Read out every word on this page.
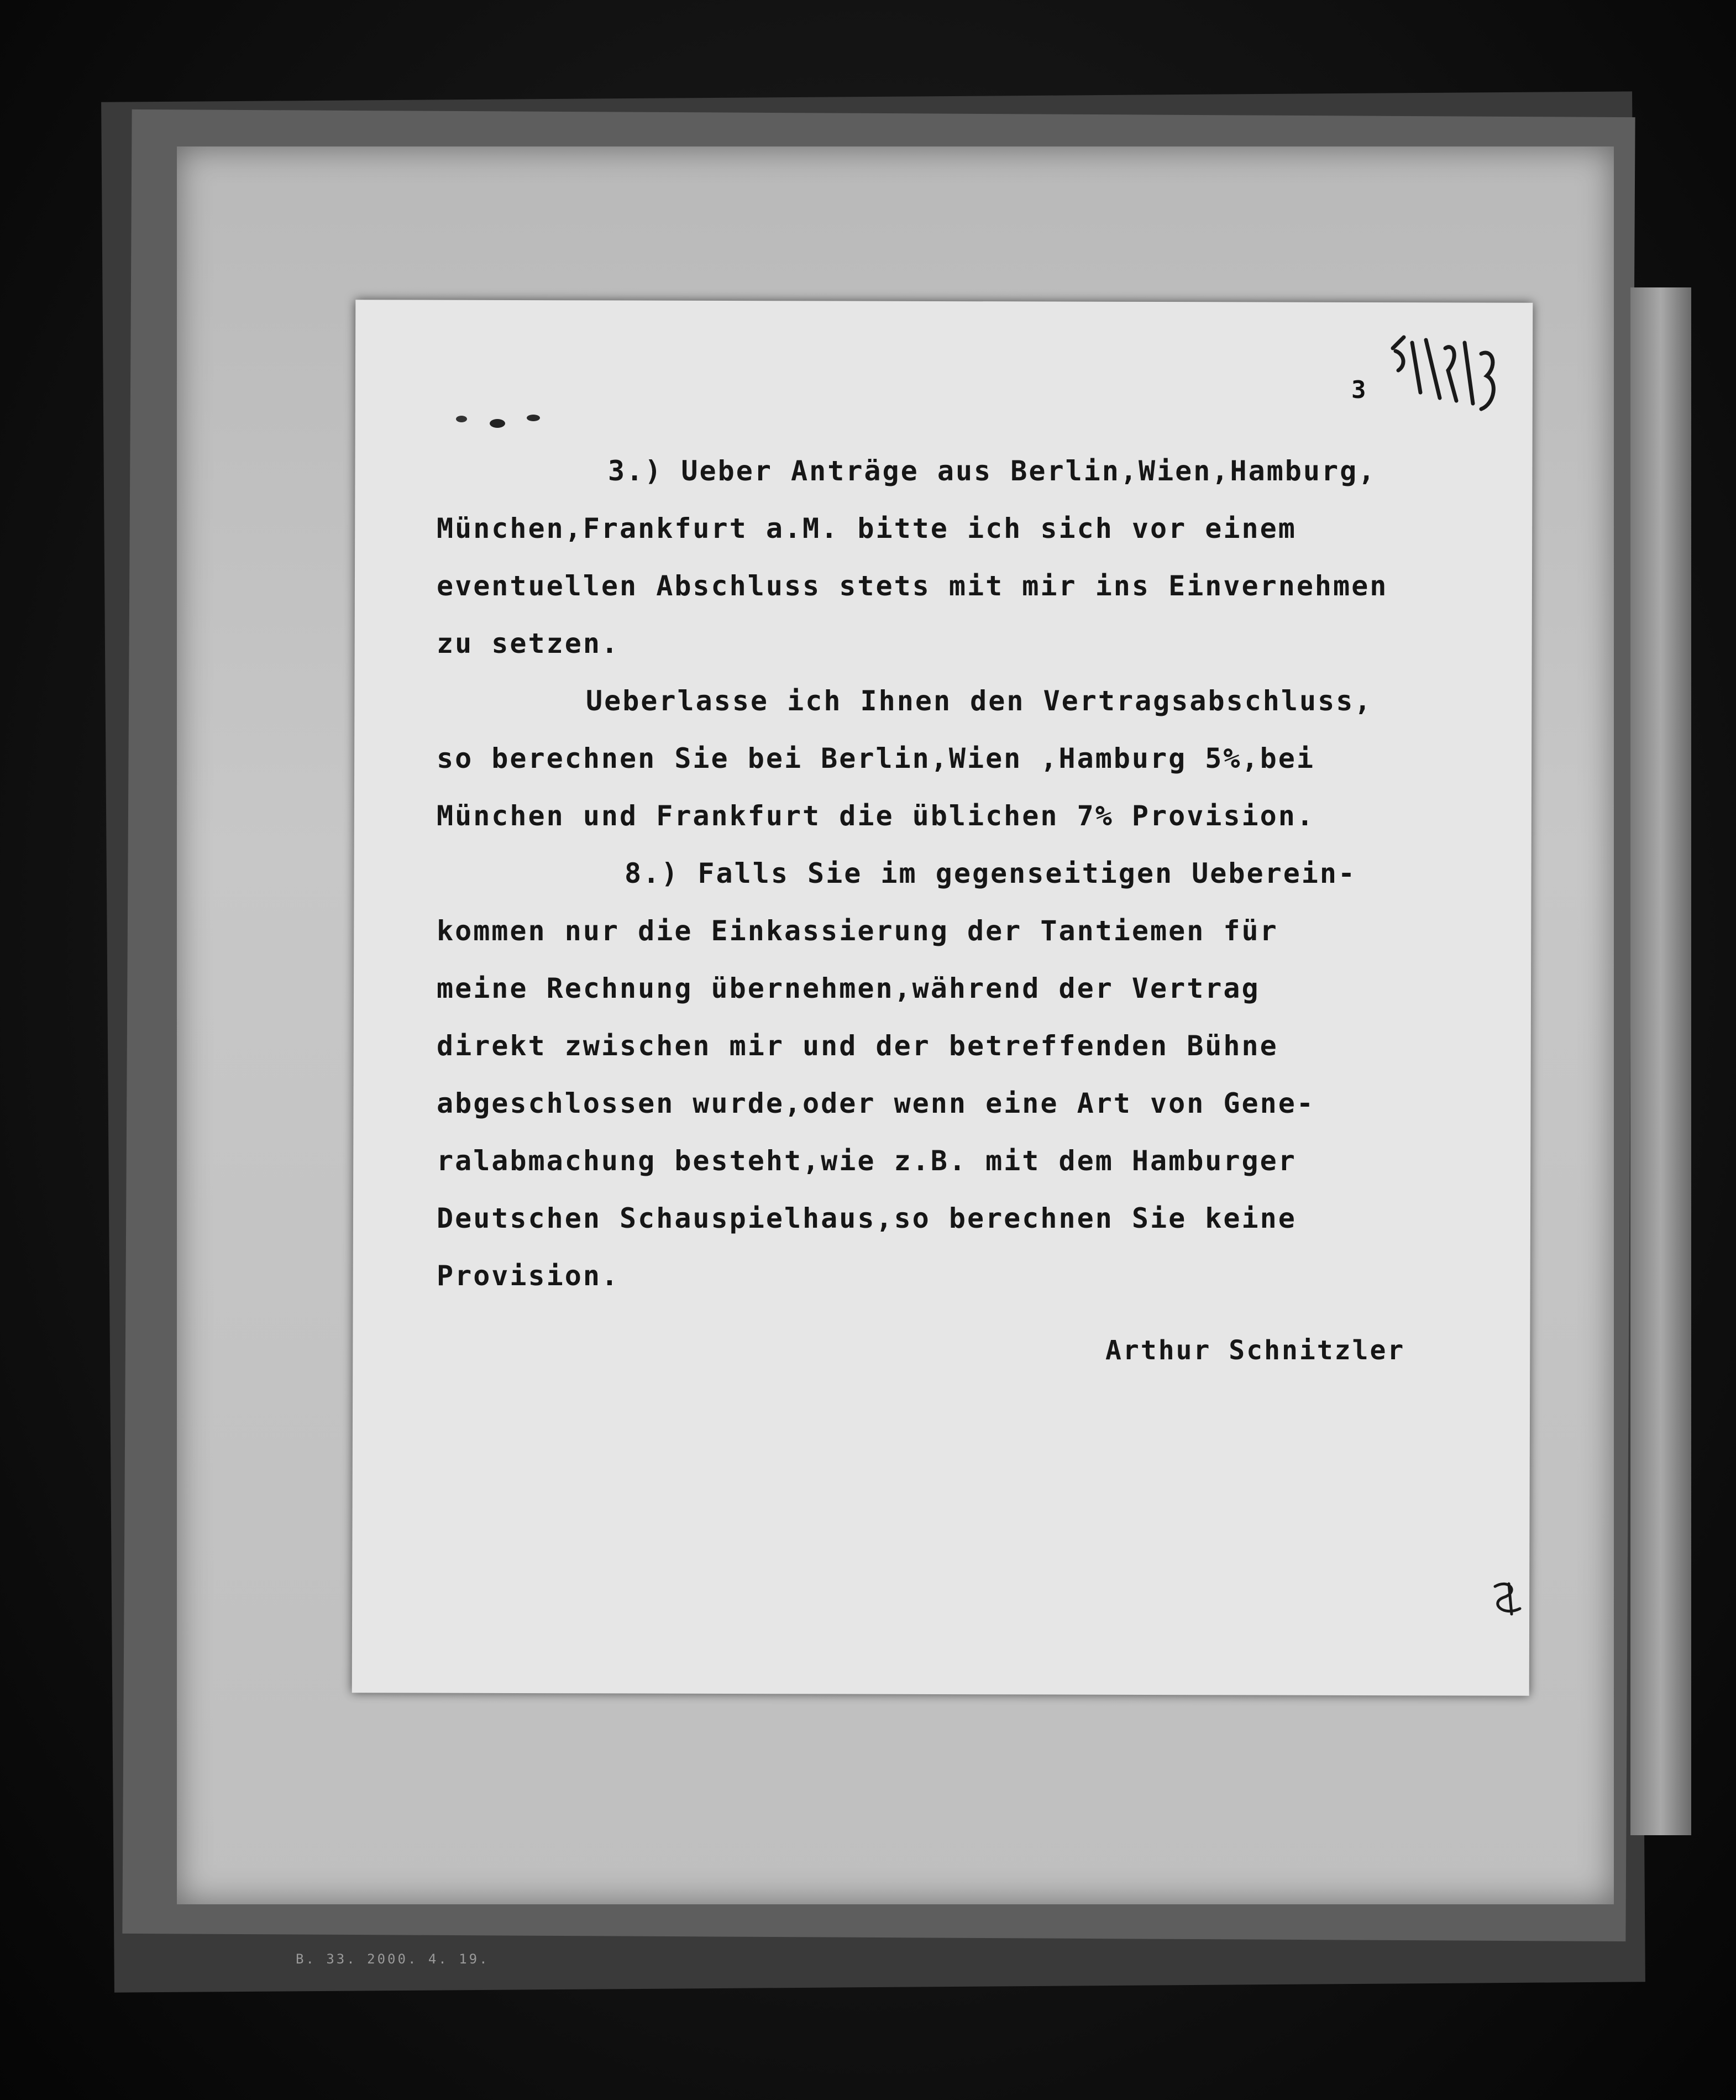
3
3.) Ueber Anträge aus Berlin,Wien,Hamburg,
München,Frankfurt a.M. bitte ich sich vor einem
eventuellen Abschluss stets mit mir ins Einvernehmen
zu setzen.
Ueberlasse ich Ihnen den Vertragsabschluss,
so berechnen Sie bei Berlin,Wien ,Hamburg 5%,bei
München und Frankfurt die üblichen 7% Provision.
8.) Falls Sie im gegenseitigen Ueberein-
kommen nur die Einkassierung der Tantiemen für
meine Rechnung übernehmen,während der Vertrag
direkt zwischen mir und der betreffenden Bühne
abgeschlossen wurde,oder wenn eine Art von Gene-
ralabmachung besteht,wie z.B. mit dem Hamburger
Deutschen Schauspielhaus,so berechnen Sie keine
Provision.
Arthur Schnitzler
B. 33. 2000. 4. 19.
